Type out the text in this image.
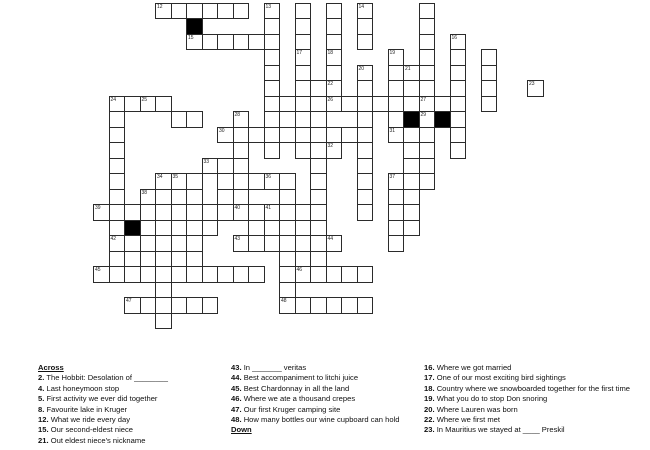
12
15
25
24	26	27
30
36
39	40	41
43	44
45	46
47	48
13
18
14
29
16
17
22
20
31
42
28
37
35
19
21
23
32
33
34
38
Across
2. The Hobbit: Desolation of ________
4. Last honeymoon stop
5. First activity we ever did together
8. Favourite lake in Kruger
12. What we ride every day
15. Our second-eldest niece
21. Out eldest niece's nickname
43. In _______ veritas
44. Best accompaniment to litchi juice
45. Best Chardonnay in all the land
46. Where we ate a thousand crepes
47. Our first Kruger camping site
48. How many bottles our wine cupboard can hold
Down
16. Where we got married
17. One of our most exciting bird sightings
18. Country where we snowboarded together for the first time
19. What you do to stop Don snoring
20. Where Lauren was born
22. Where we first met
23. In Mauritius we stayed at ____ Preskil
